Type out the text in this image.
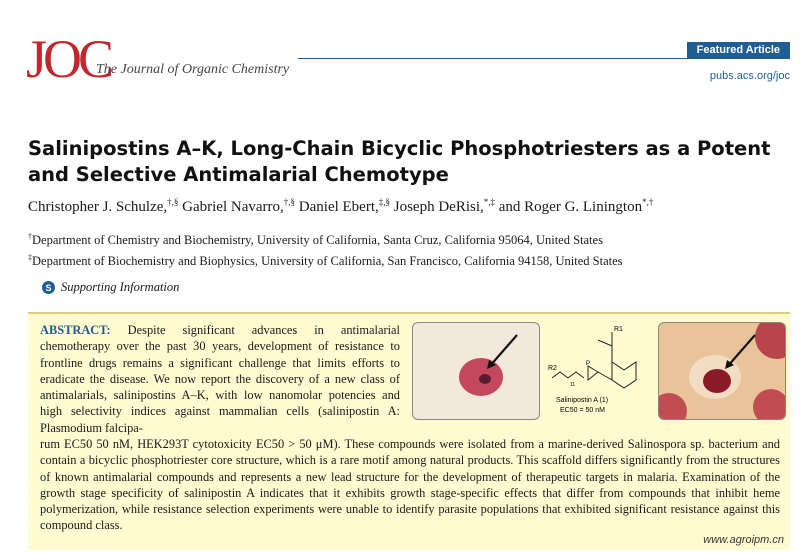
JOC
The Journal of Organic Chemistry
Featured Article
pubs.acs.org/joc
Salinipostins A–K, Long-Chain Bicyclic Phosphotriesters as a Potent and Selective Antimalarial Chemotype
Christopher J. Schulze,†,§ Gabriel Navarro,†,§ Daniel Ebert,‡,§ Joseph DeRisi,*,‡ and Roger G. Linington*,†
†Department of Chemistry and Biochemistry, University of California, Santa Cruz, California 95064, United States
‡Department of Biochemistry and Biophysics, University of California, San Francisco, California 94158, United States
S Supporting Information
ABSTRACT: Despite significant advances in antimalarial chemotherapy over the past 30 years, development of resistance to frontline drugs remains a significant challenge that limits efforts to eradicate the disease. We now report the discovery of a new class of antimalarials, salinipostins A–K, with low nanomolar potencies and high selectivity indices against mammalian cells (salinipostin A: Plasmodium falcipa-
R1
R2
P
11
Salinipostin A (1)
EC50 = 50 nM
rum EC50 50 nM, HEK293T cytotoxicity EC50 > 50 μM). These compounds were isolated from a marine-derived Salinospora sp. bacterium and contain a bicyclic phosphotriester core structure, which is a rare motif among natural products. This scaffold differs significantly from the structures of known antimalarial compounds and represents a new lead structure for the development of therapeutic targets in malaria. Examination of the growth stage specificity of salinipostin A indicates that it exhibits growth stage-specific effects that differ from compounds that inhibit heme polymerization, while resistance selection experiments were unable to identify parasite populations that exhibited significant resistance against this compound class.
www.agroipm.cn
